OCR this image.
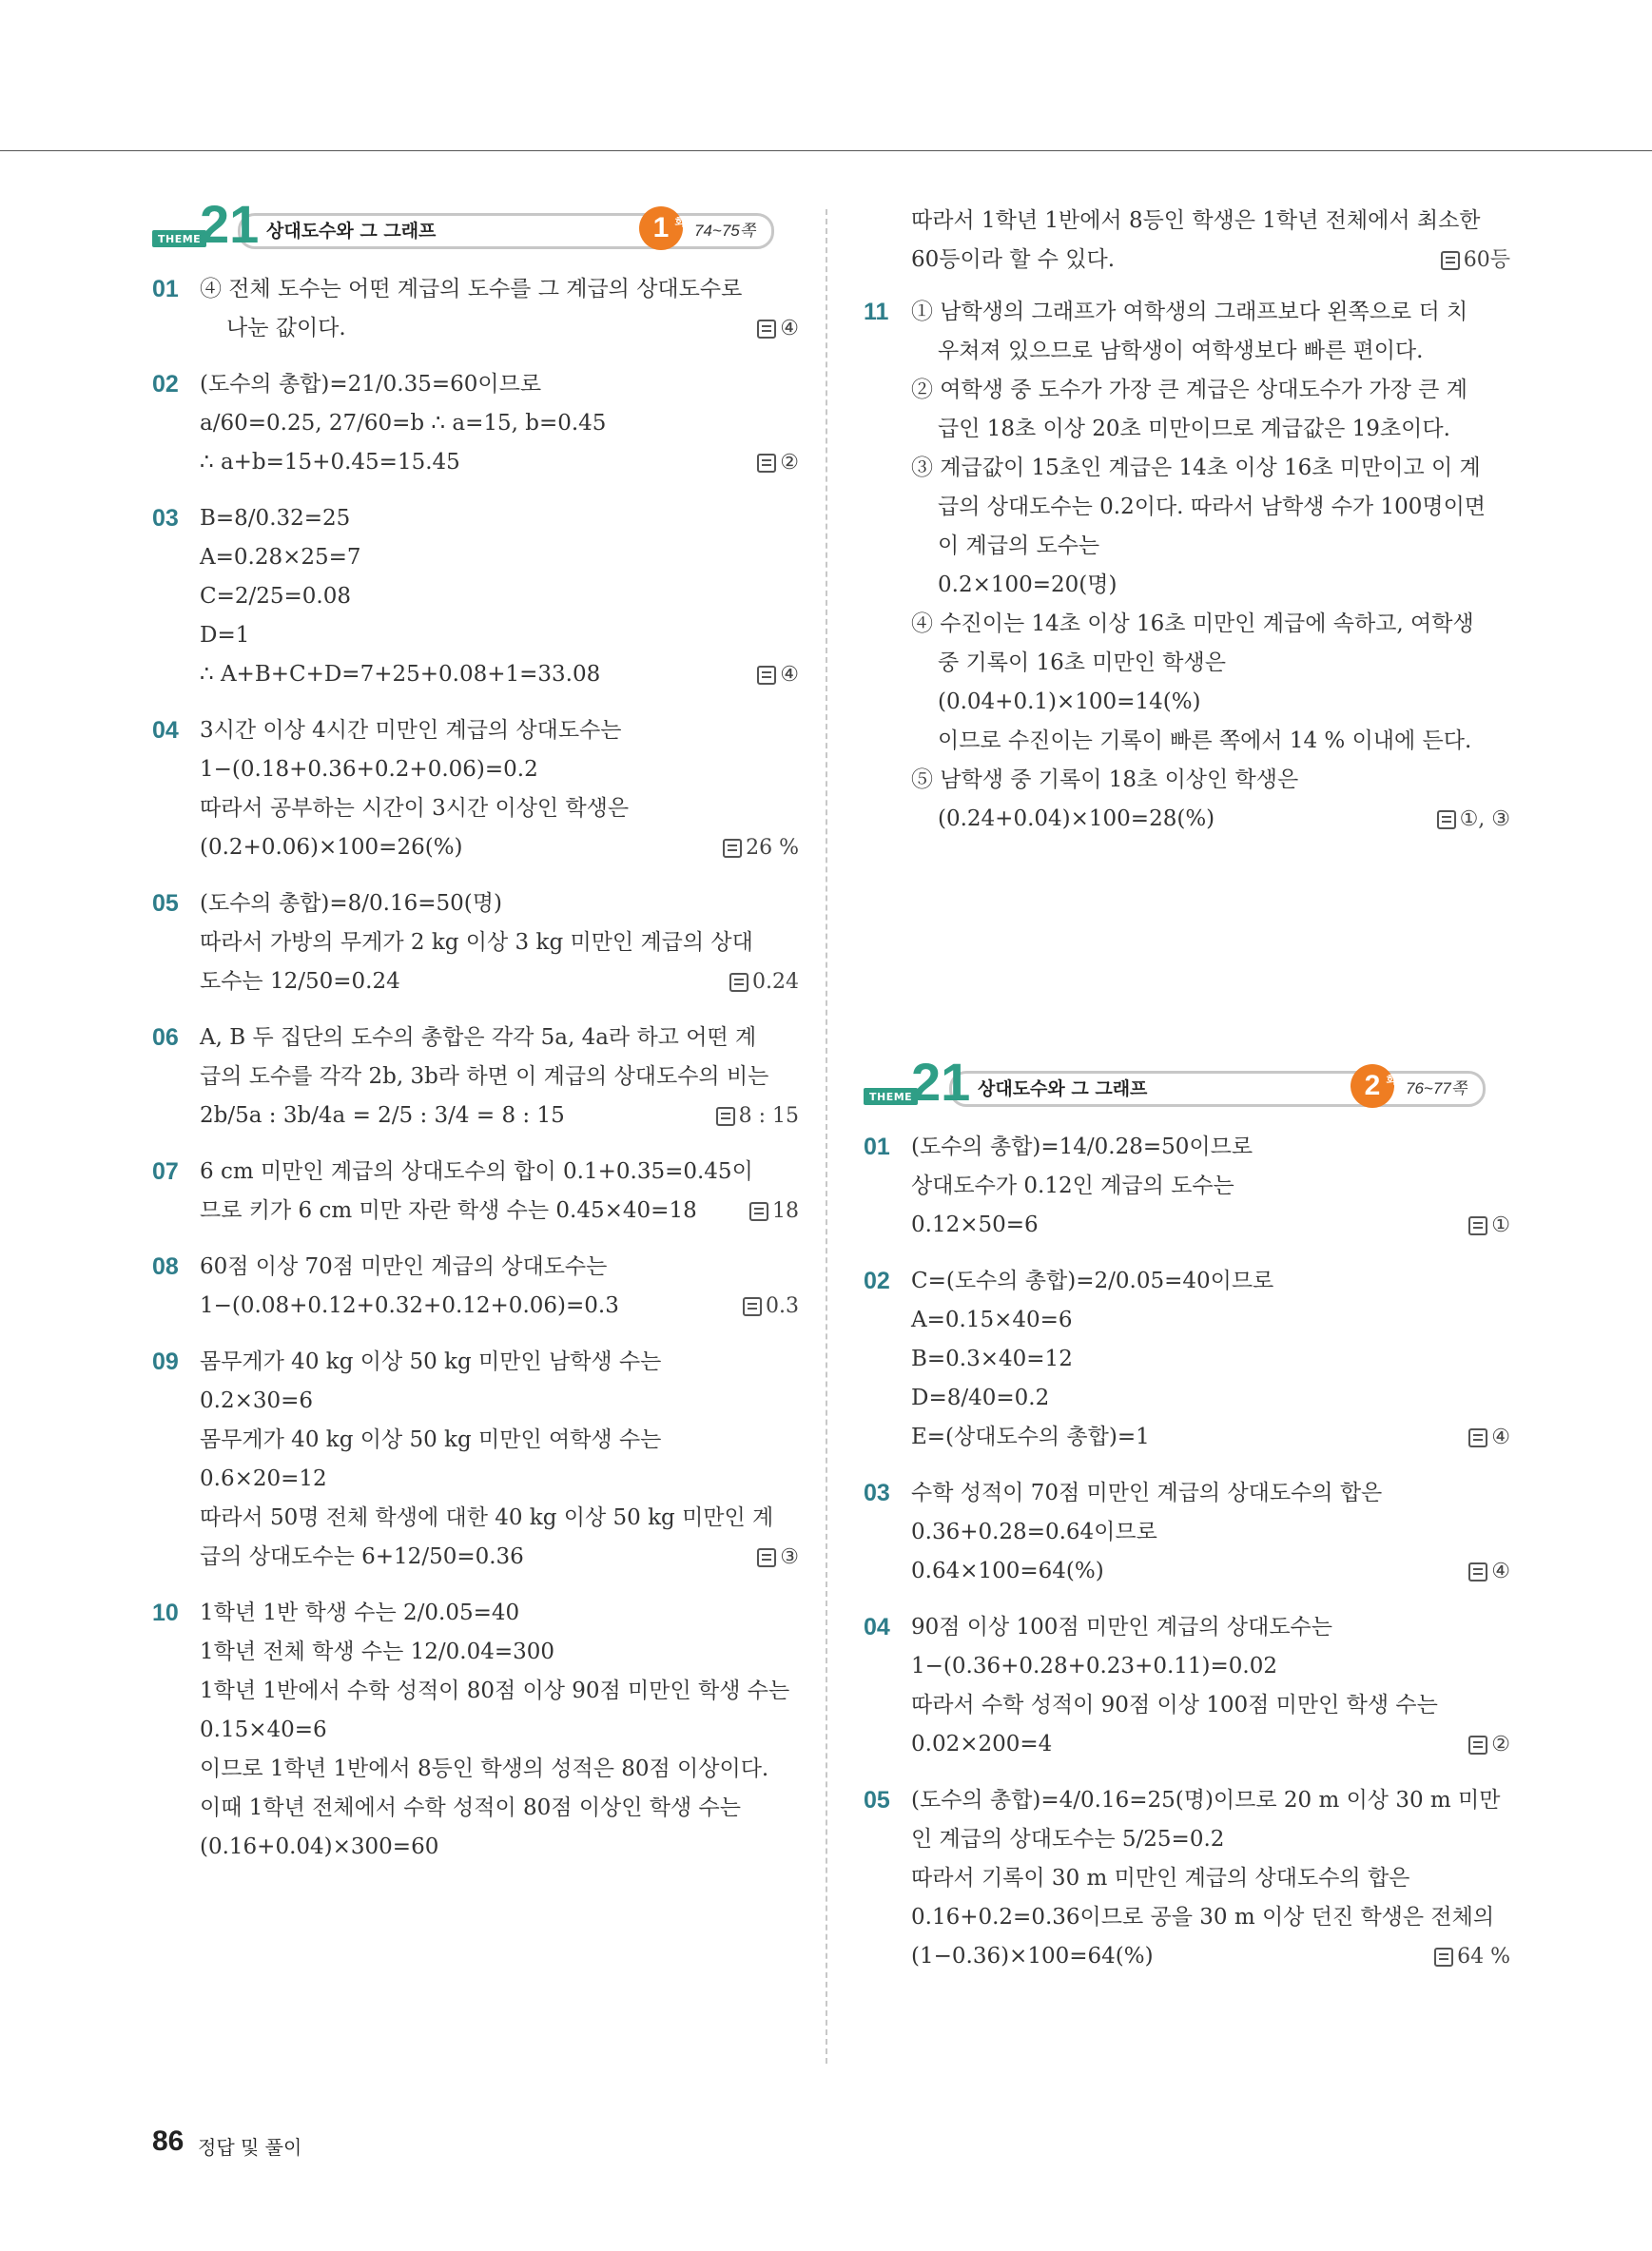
THEME
21 상대도수와 그 그래프	1 회 74~75쪽
01 ④ 전체 도수는 어떤 계급의 도수를 그 계급의 상대도수로
나눈 값이다.	④
02 (도수의 총합)=21/0.35=60이므로
a/60=0.25, 27/60=b ∴ a=15, b=0.45
∴ a+b=15+0.45=15.45	②
03 B=8/0.32=25
A=0.28×25=7
C=2/25=0.08
D=1
∴ A+B+C+D=7+25+0.08+1=33.08	④
04 3시간 이상 4시간 미만인 계급의 상대도수는
1−(0.18+0.36+0.2+0.06)=0.2
따라서 공부하는 시간이 3시간 이상인 학생은
(0.2+0.06)×100=26(%)	26 %
05 (도수의 총합)=8/0.16=50(명)
따라서 가방의 무게가 2 kg 이상 3 kg 미만인 계급의 상대
도수는 12/50=0.24	0.24
06 A, B 두 집단의 도수의 총합은 각각 5a, 4a라 하고 어떤 계
급의 도수를 각각 2b, 3b라 하면 이 계급의 상대도수의 비는
2b/5a : 3b/4a = 2/5 : 3/4 = 8 : 15	8 : 15
07 6 cm 미만인 계급의 상대도수의 합이 0.1+0.35=0.45이
므로 키가 6 cm 미만 자란 학생 수는 0.45×40=18	18
08 60점 이상 70점 미만인 계급의 상대도수는
1−(0.08+0.12+0.32+0.12+0.06)=0.3	0.3
09 몸무게가 40 kg 이상 50 kg 미만인 남학생 수는
0.2×30=6
몸무게가 40 kg 이상 50 kg 미만인 여학생 수는
0.6×20=12
따라서 50명 전체 학생에 대한 40 kg 이상 50 kg 미만인 계
급의 상대도수는 6+12/50=0.36	③
10 1학년 1반 학생 수는 2/0.05=40
1학년 전체 학생 수는 12/0.04=300
1학년 1반에서 수학 성적이 80점 이상 90점 미만인 학생 수는
0.15×40=6
이므로 1학년 1반에서 8등인 학생의 성적은 80점 이상이다.
이때 1학년 전체에서 수학 성적이 80점 이상인 학생 수는
(0.16+0.04)×300=60
따라서 1학년 1반에서 8등인 학생은 1학년 전체에서 최소한
60등이라 할 수 있다.	60등
11 ① 남학생의 그래프가 여학생의 그래프보다 왼쪽으로 더 치
우쳐져 있으므로 남학생이 여학생보다 빠른 편이다.
② 여학생 중 도수가 가장 큰 계급은 상대도수가 가장 큰 계
급인 18초 이상 20초 미만이므로 계급값은 19초이다.
③ 계급값이 15초인 계급은 14초 이상 16초 미만이고 이 계
급의 상대도수는 0.2이다. 따라서 남학생 수가 100명이면
이 계급의 도수는
0.2×100=20(명)
④ 수진이는 14초 이상 16초 미만인 계급에 속하고, 여학생
중 기록이 16초 미만인 학생은
(0.04+0.1)×100=14(%)
이므로 수진이는 기록이 빠른 쪽에서 14 % 이내에 든다.
⑤ 남학생 중 기록이 18초 이상인 학생은
(0.24+0.04)×100=28(%)	①, ③
THEME
21 상대도수와 그 그래프	2 회 76~77쪽
01 (도수의 총합)=14/0.28=50이므로
상대도수가 0.12인 계급의 도수는
0.12×50=6	①
02 C=(도수의 총합)=2/0.05=40이므로
A=0.15×40=6
B=0.3×40=12
D=8/40=0.2
E=(상대도수의 총합)=1	④
03 수학 성적이 70점 미만인 계급의 상대도수의 합은
0.36+0.28=0.64이므로
0.64×100=64(%)	④
04 90점 이상 100점 미만인 계급의 상대도수는
1−(0.36+0.28+0.23+0.11)=0.02
따라서 수학 성적이 90점 이상 100점 미만인 학생 수는
0.02×200=4	②
05 (도수의 총합)=4/0.16=25(명)이므로 20 m 이상 30 m 미만
인 계급의 상대도수는 5/25=0.2
따라서 기록이 30 m 미만인 계급의 상대도수의 합은
0.16+0.2=0.36이므로 공을 30 m 이상 던진 학생은 전체의
(1−0.36)×100=64(%)	64 %
86 정답 및 풀이
